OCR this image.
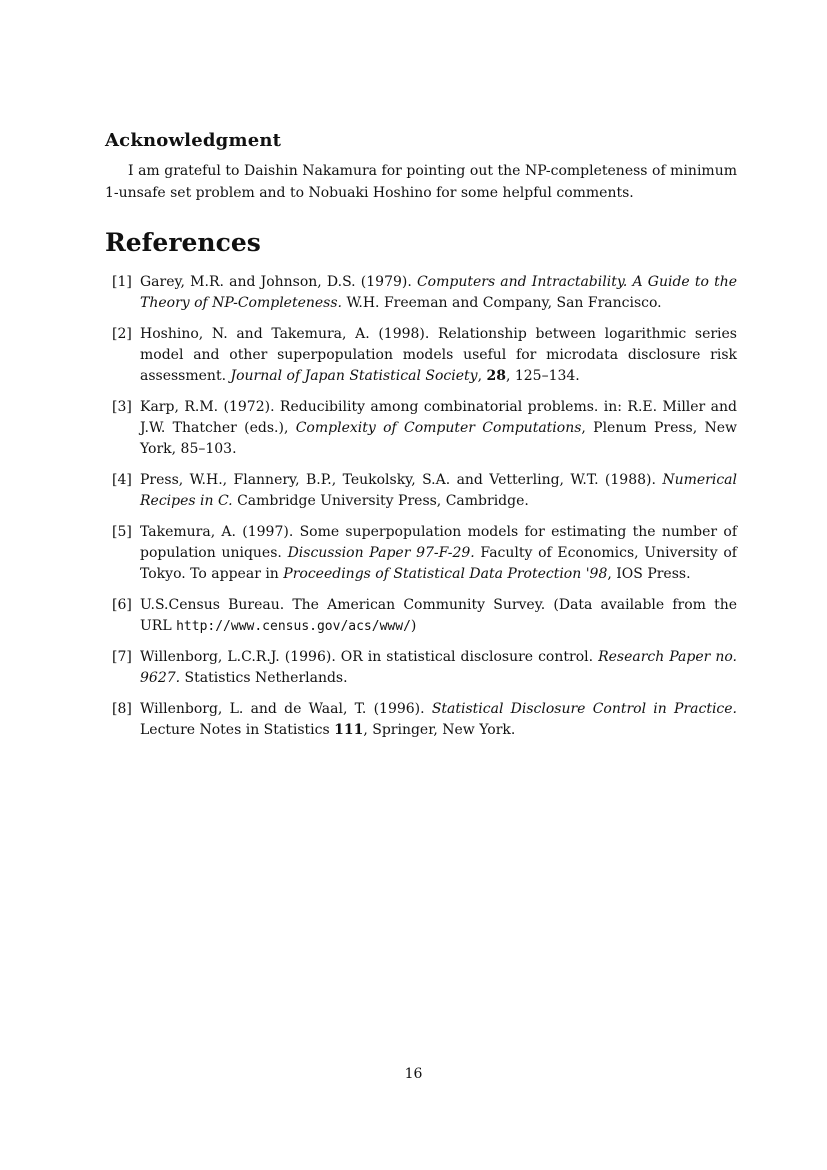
Acknowledgment
I am grateful to Daishin Nakamura for pointing out the NP-completeness of minimum 1-unsafe set problem and to Nobuaki Hoshino for some helpful comments.
References
[1] Garey, M.R. and Johnson, D.S. (1979). Computers and Intractability. A Guide to the Theory of NP-Completeness. W.H. Freeman and Company, San Francisco.
[2] Hoshino, N. and Takemura, A. (1998). Relationship between logarithmic series model and other superpopulation models useful for microdata disclosure risk assessment. Journal of Japan Statistical Society, 28, 125–134.
[3] Karp, R.M. (1972). Reducibility among combinatorial problems. in: R.E. Miller and J.W. Thatcher (eds.), Complexity of Computer Computations, Plenum Press, New York, 85–103.
[4] Press, W.H., Flannery, B.P., Teukolsky, S.A. and Vetterling, W.T. (1988). Numerical Recipes in C. Cambridge University Press, Cambridge.
[5] Takemura, A. (1997). Some superpopulation models for estimating the number of population uniques. Discussion Paper 97-F-29. Faculty of Economics, University of Tokyo. To appear in Proceedings of Statistical Data Protection '98, IOS Press.
[6] U.S.Census Bureau. The American Community Survey. (Data available from the URL http://www.census.gov/acs/www/)
[7] Willenborg, L.C.R.J. (1996). OR in statistical disclosure control. Research Paper no. 9627. Statistics Netherlands.
[8] Willenborg, L. and de Waal, T. (1996). Statistical Disclosure Control in Practice. Lecture Notes in Statistics 111, Springer, New York.
16
